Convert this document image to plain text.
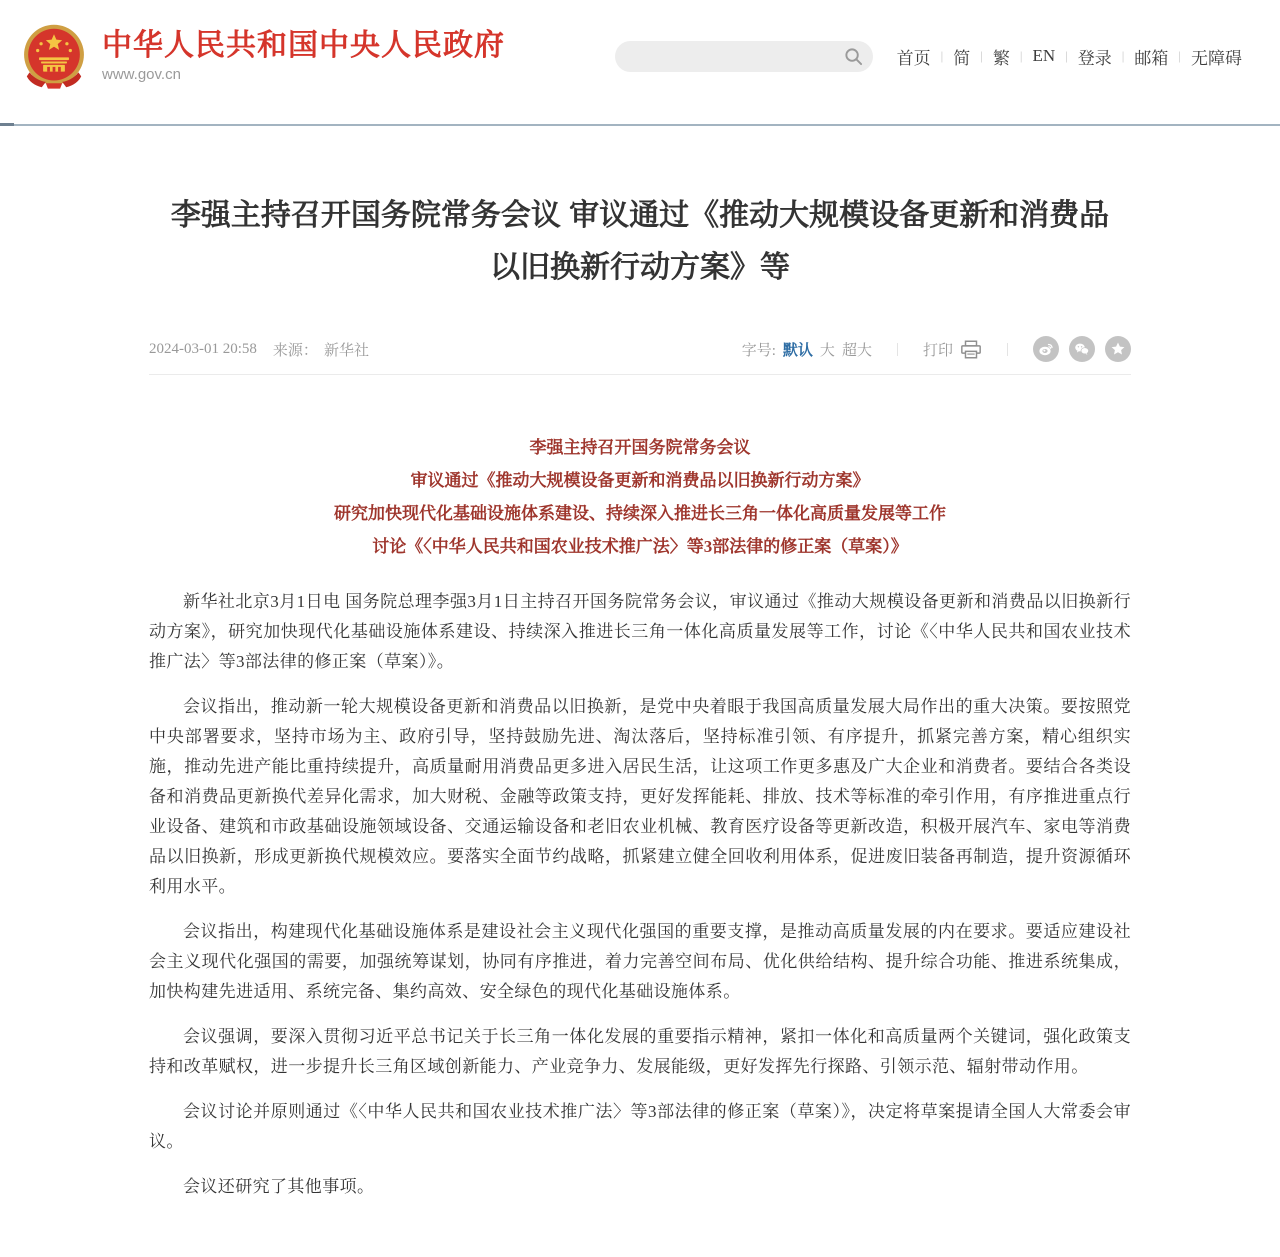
中华人民共和国中央人民政府
www.gov.cn
首页 | 简 | 繁 | EN | 登录 | 邮箱 | 无障碍
李强主持召开国务院常务会议 审议通过《推动大规模设备更新和消费品以旧换新行动方案》等
2024-03-01 20:58 来源： 新华社	字号: 默认 大 超大	|	打印	|
李强主持召开国务院常务会议
审议通过《推动大规模设备更新和消费品以旧换新行动方案》
研究加快现代化基础设施体系建设、持续深入推进长三角一体化高质量发展等工作
讨论《〈中华人民共和国农业技术推广法〉等3部法律的修正案（草案）》

新华社北京3月1日电 国务院总理李强3月1日主持召开国务院常务会议，审议通过《推动大规模设备更新和消费品以旧换新行动方案》，研究加快现代化基础设施体系建设、持续深入推进长三角一体化高质量发展等工作，讨论《〈中华人民共和国农业技术推广法〉等3部法律的修正案（草案）》。

会议指出，推动新一轮大规模设备更新和消费品以旧换新，是党中央着眼于我国高质量发展大局作出的重大决策。要按照党中央部署要求，坚持市场为主、政府引导，坚持鼓励先进、淘汰落后，坚持标准引领、有序提升，抓紧完善方案，精心组织实施，推动先进产能比重持续提升，高质量耐用消费品更多进入居民生活，让这项工作更多惠及广大企业和消费者。要结合各类设备和消费品更新换代差异化需求，加大财税、金融等政策支持，更好发挥能耗、排放、技术等标准的牵引作用，有序推进重点行业设备、建筑和市政基础设施领域设备、交通运输设备和老旧农业机械、教育医疗设备等更新改造，积极开展汽车、家电等消费品以旧换新，形成更新换代规模效应。要落实全面节约战略，抓紧建立健全回收利用体系，促进废旧装备再制造，提升资源循环利用水平。

会议指出，构建现代化基础设施体系是建设社会主义现代化强国的重要支撑，是推动高质量发展的内在要求。要适应建设社会主义现代化强国的需要，加强统筹谋划，协同有序推进，着力完善空间布局、优化供给结构、提升综合功能、推进系统集成，加快构建先进适用、系统完备、集约高效、安全绿色的现代化基础设施体系。

会议强调，要深入贯彻习近平总书记关于长三角一体化发展的重要指示精神，紧扣一体化和高质量两个关键词，强化政策支持和改革赋权，进一步提升长三角区域创新能力、产业竞争力、发展能级，更好发挥先行探路、引领示范、辐射带动作用。

会议讨论并原则通过《〈中华人民共和国农业技术推广法〉等3部法律的修正案（草案）》，决定将草案提请全国人大常委会审议。

会议还研究了其他事项。
